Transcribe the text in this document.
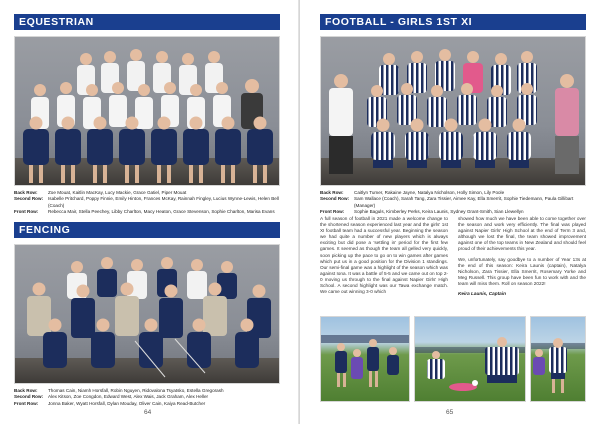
EQUESTRIAN
Back Row:	Zoe Mouat, Kaitlin MacKay, Lucy Mackie, Grace Gatiel, Piper Mouat
Second Row:	Isabelle Pritchard, Poppy Finnie, Emily Hinton, Frances McKay, Rainnah Fingley, Lucius Wynne-Lewis, Helen Bell (Coach)
Front Row:	Rebecca Mair, Stella Peechey, Libby Charlton, Macy Heaton, Grace Stevenson, Sophie Charlton, Marisa Evans
FENCING
Back Row:	Thomas Cain, Niamh Horsfall, Robin Nguyen, Ridovalona Tsyatsko, Estella Gregorash
Second Row:	Alex Kitson, Zoe Congdon, Edward West, Alex Wais, Jack Graham, Alex Heller
Front Row:	Jonna Baker, Wyatt Horsfall, Dylan Mouday, Oliver Cain, Kaiya Read-Butcher
64
FOOTBALL - GIRLS 1ST XI
Back Row:	Caitlyn Tumer, Rakaine Jayne, Natalya Nicholson, Holly Simon, Lily Poole
Second Row:	Sam Wallace (Coach), Sarah Tang, Zara Tissier, Aimee Kay, Ella Smerrit, Sophie Tiedemann, Paula Gillibart (Manager)
Front Row:	Sophie Baguls, Kimberley Perks, Keira Launis, Sydney Grant-Smith, Sian Llewellyn

A full season of football in 2021 made a welcome change to the shortened season experienced last year and the girls' 1st XI football team had a successful year. Beginning the season we had quite a number of new players which is always exciting but did pose a 'settling in' period for the first few games. It seemed as though the team all gelled very quickly, soon picking up the pace to go on to win games after games which put us in a good position for the Division 1 standings. Our semi-final game was a highlight of the season which was against Iona. It was a battle of 5-5 and we came out on top 2-0 moving us through to the final against Napier Girls' High School. A second highlight was our Tawa exchange match. We came out winning 3-0 which

showed how much we have been able to come together over the season and work very efficiently. The final was played against Napier Girls' High School at the end of Term 3 and, although we lost the final, the team showed improvement against one of the top teams in New Zealand and should feel proud of their achievements this year.

We, unfortunately, say goodbye to a number of Year 13s at the end of this season: Keira Launis (captain), Natalya Nicholson, Zara Tissier, Ella Smerrit, Rosemary Yorke and Meg Russell. This group have been fun to work with and the team will miss them. Roll on season 2022!

Keira Launis, Captain

65
